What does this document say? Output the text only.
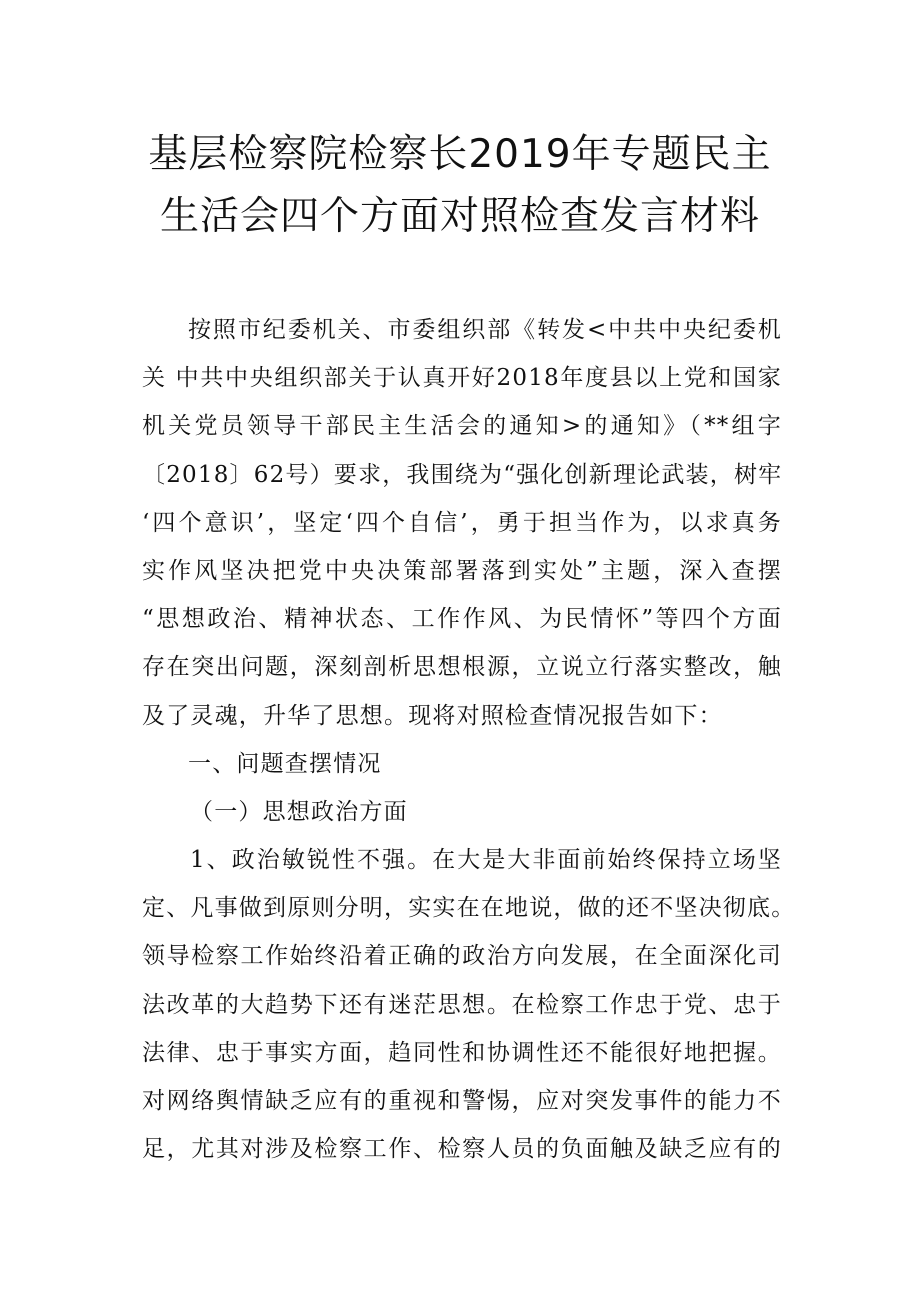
基层检察院检察长2019年专题民主
生活会四个方面对照检查发言材料
按照市纪委机关、市委组织部《转发<中共中央纪委机
关 中共中央组织部关于认真开好2018年度县以上党和国家
机关党员领导干部民主生活会的通知>的通知》（**组字
〔2018〕62号）要求，我围绕为“强化创新理论武装，树牢
‘四个意识’，坚定‘四个自信’，勇于担当作为，以求真务
实作风坚决把党中央决策部署落到实处”主题，深入查摆
“思想政治、精神状态、工作作风、为民情怀”等四个方面
存在突出问题，深刻剖析思想根源，立说立行落实整改，触
及了灵魂，升华了思想。现将对照检查情况报告如下：
一、问题查摆情况
（一）思想政治方面
1、政治敏锐性不强。在大是大非面前始终保持立场坚
定、凡事做到原则分明，实实在在地说，做的还不坚决彻底。
领导检察工作始终沿着正确的政治方向发展，在全面深化司
法改革的大趋势下还有迷茫思想。在检察工作忠于党、忠于
法律、忠于事实方面，趋同性和协调性还不能很好地把握。
对网络舆情缺乏应有的重视和警惕，应对突发事件的能力不
足，尤其对涉及检察工作、检察人员的负面触及缺乏应有的
